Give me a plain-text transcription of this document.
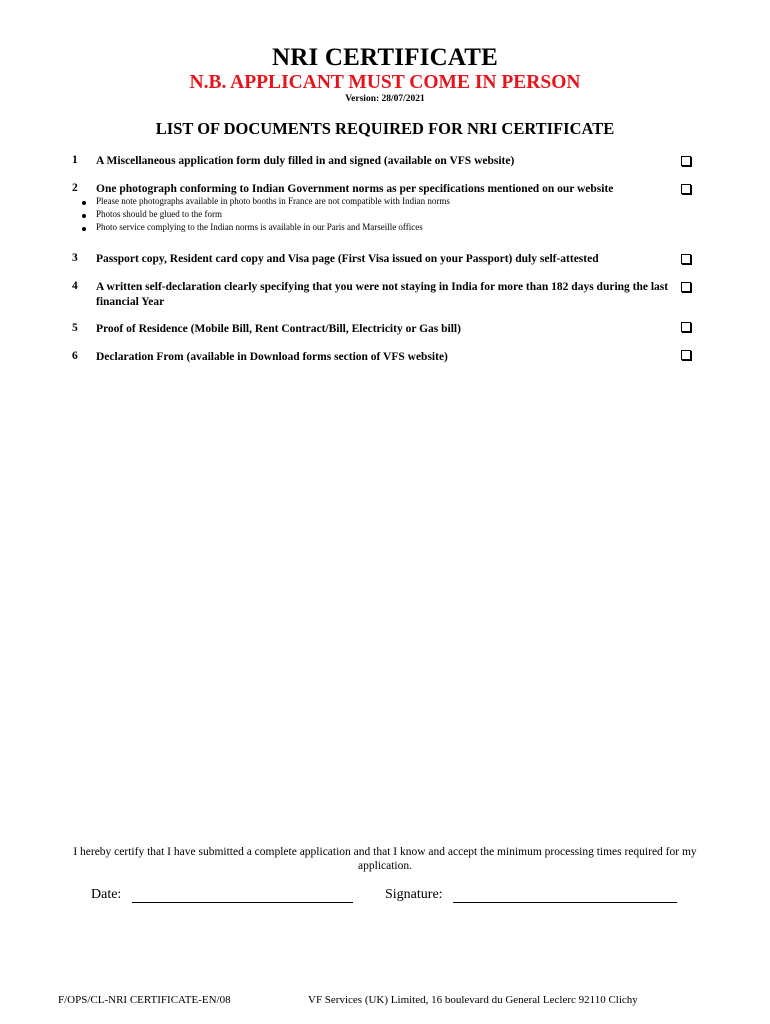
NRI CERTIFICATE
N.B. APPLICANT MUST COME IN PERSON
Version: 28/07/2021
LIST OF DOCUMENTS REQUIRED FOR NRI CERTIFICATE
1	A Miscellaneous application form duly filled in and signed (available on VFS website)
2	One photograph conforming to Indian Government norms as per specifications mentioned on our website
Please note photographs available in photo booths in France are not compatible with Indian norms
Photos should be glued to the form
Photo service complying to the Indian norms is available in our Paris and Marseille offices
3	Passport copy, Resident card copy and Visa page (First Visa issued on your Passport) duly self-attested
4	A written self-declaration clearly specifying that you were not staying in India for more than 182 days during the last financial Year
5	Proof of Residence (Mobile Bill, Rent Contract/Bill, Electricity or Gas bill)
6	Declaration From (available in Download forms section of VFS website)
I hereby certify that I have submitted a complete application and that I know and accept the minimum processing times required for my application.
Date:	Signature:
F/OPS/CL-NRI CERTIFICATE-EN/08	VF Services (UK) Limited, 16 boulevard du General Leclerc 92110 Clichy
